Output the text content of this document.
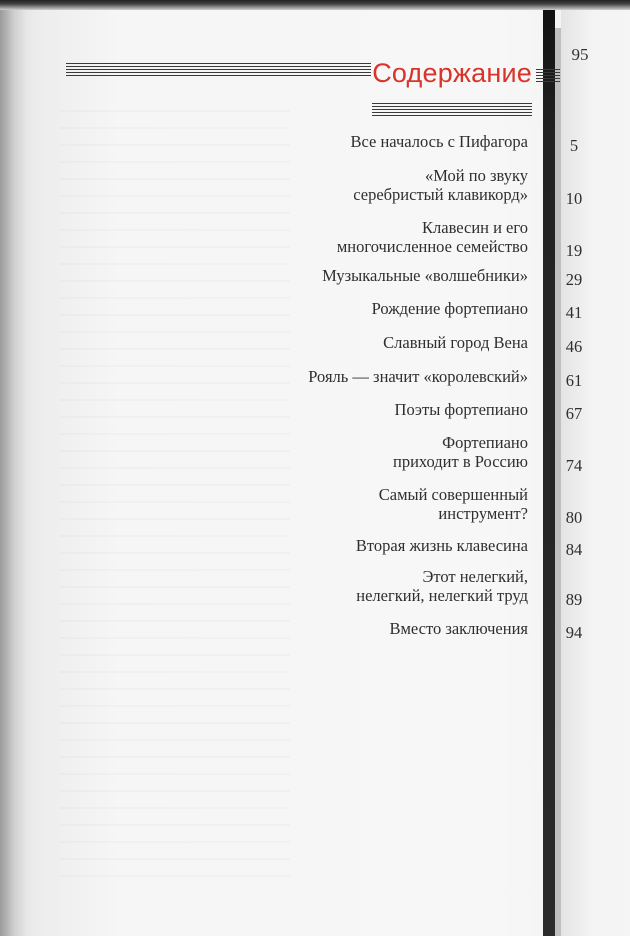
95
Содержание
Все началось с Пифагора	5
«Мой по звуку
серебристый клавикорд»	10
Клавесин и его
многочисленное семейство	19
Музыкальные «волшебники»	29
Рождение фортепиано	41
Славный город Вена	46
Рояль — значит «королевский»	61
Поэты фортепиано	67
Фортепиано
приходит в Россию	74
Самый совершенный
инструмент?	80
Вторая жизнь клавесина	84
Этот нелегкий,
нелегкий, нелегкий труд	89
Вместо заключения	94
